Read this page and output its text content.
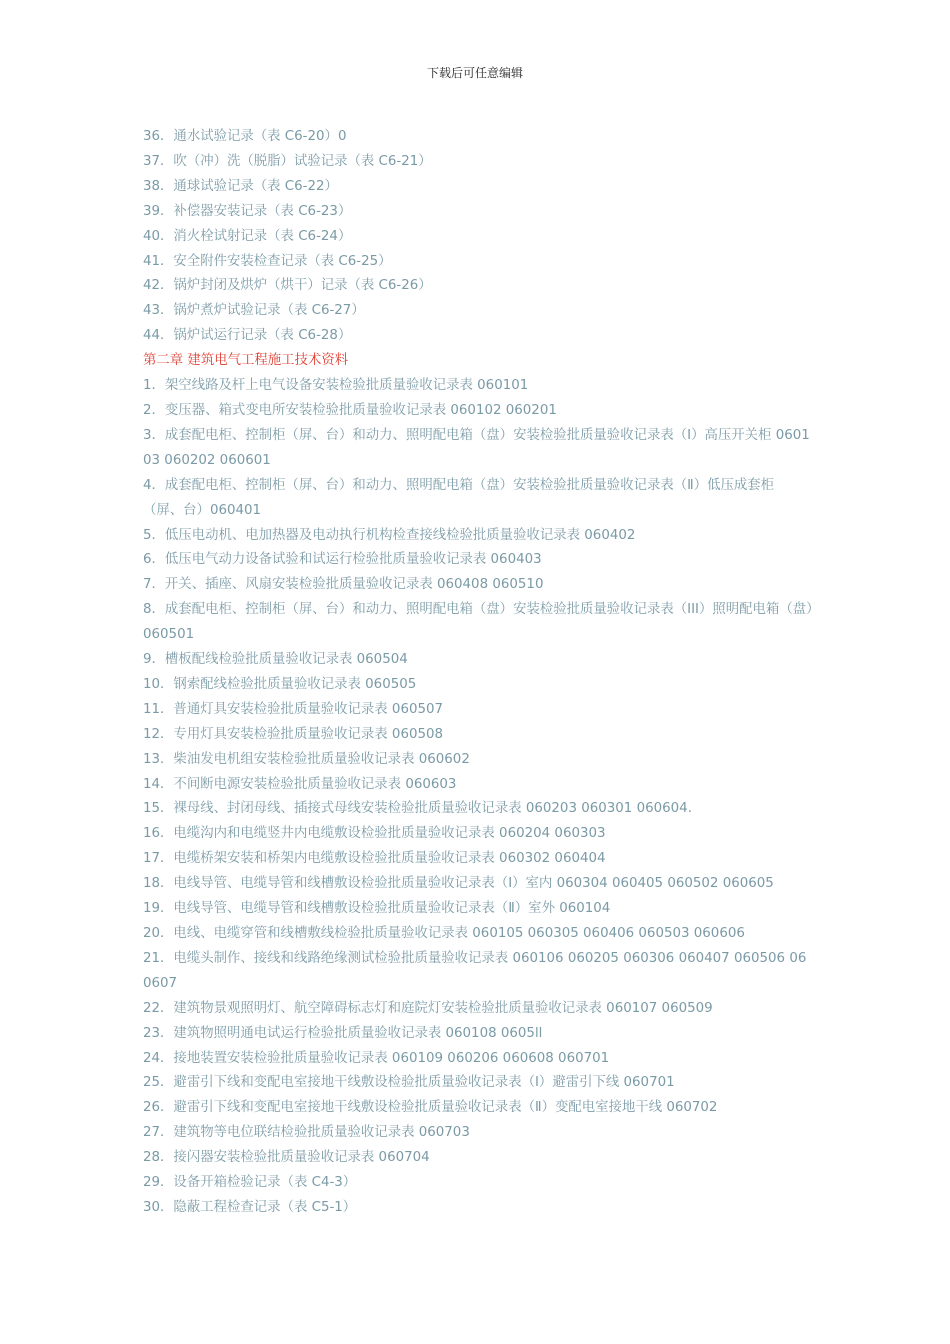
下载后可任意编辑

36．通水试验记录（表 C6-20）0

37．吹（冲）洗（脱脂）试验记录（表 C6-21）

38．通球试验记录（表 C6-22）

39．补偿器安装记录（表 C6-23）

40．消火栓试射记录（表 C6-24）

41．安全附件安装检查记录（表 C6-25）

42．锅炉封闭及烘炉（烘干）记录（表 C6-26）

43．锅炉煮炉试验记录（表 C6-27）

44．锅炉试运行记录（表 C6-28）

第二章 建筑电气工程施工技术资料

1．架空线路及杆上电气设备安装检验批质量验收记录表 060101

2．变压器、箱式变电所安装检验批质量验收记录表 060102 060201

3．成套配电柜、控制柜（屏、台）和动力、照明配电箱（盘）安装检验批质量验收记录表（I）高压开关柜 060103 060202 060601

4．成套配电柜、控制柜（屏、台）和动力、照明配电箱（盘）安装检验批质量验收记录表（Ⅱ）低压成套柜（屏、台）060401

5．低压电动机、电加热器及电动执行机构检查接线检验批质量验收记录表 060402

6．低压电气动力设备试验和试运行检验批质量验收记录表 060403

7．开关、插座、风扇安装检验批质量验收记录表 060408 060510

8．成套配电柜、控制柜（屏、台）和动力、照明配电箱（盘）安装检验批质量验收记录表（III）照明配电箱（盘）060501

9．槽板配线检验批质量验收记录表 060504

10．钢索配线检验批质量验收记录表 060505

11．普通灯具安装检验批质量验收记录表 060507

12．专用灯具安装检验批质量验收记录表 060508

13．柴油发电机组安装检验批质量验收记录表 060602

14．不间断电源安装检验批质量验收记录表 060603

15．裸母线、封闭母线、插接式母线安装检验批质量验收记录表 060203 060301 060604.

16．电缆沟内和电缆竖井内电缆敷设检验批质量验收记录表 060204 060303

17．电缆桥架安装和桥架内电缆敷设检验批质量验收记录表 060302 060404

18．电线导管、电缆导管和线槽敷设检验批质量验收记录表（I）室内 060304 060405 060502 060605

19．电线导管、电缆导管和线槽敷设检验批质量验收记录表（Ⅱ）室外 060104

20．电线、电缆穿管和线槽敷线检验批质量验收记录表 060105 060305 060406 060503 060606

21．电缆头制作、接线和线路绝缘测试检验批质量验收记录表 060106 060205 060306 060407 060506 060607

22．建筑物景观照明灯、航空障碍标志灯和庭院灯安装检验批质量验收记录表 060107 060509

23．建筑物照明通电试运行检验批质量验收记录表 060108 0605ll

24．接地装置安装检验批质量验收记录表 060109 060206 060608 060701

25．避雷引下线和变配电室接地干线敷设检验批质量验收记录表（I）避雷引下线 060701

26．避雷引下线和变配电室接地干线敷设检验批质量验收记录表（Ⅱ）变配电室接地干线 060702

27．建筑物等电位联结检验批质量验收记录表 060703

28．接闪器安装检验批质量验收记录表 060704

29．设备开箱检验记录（表 C4-3）

30．隐蔽工程检查记录（表 C5-1）
